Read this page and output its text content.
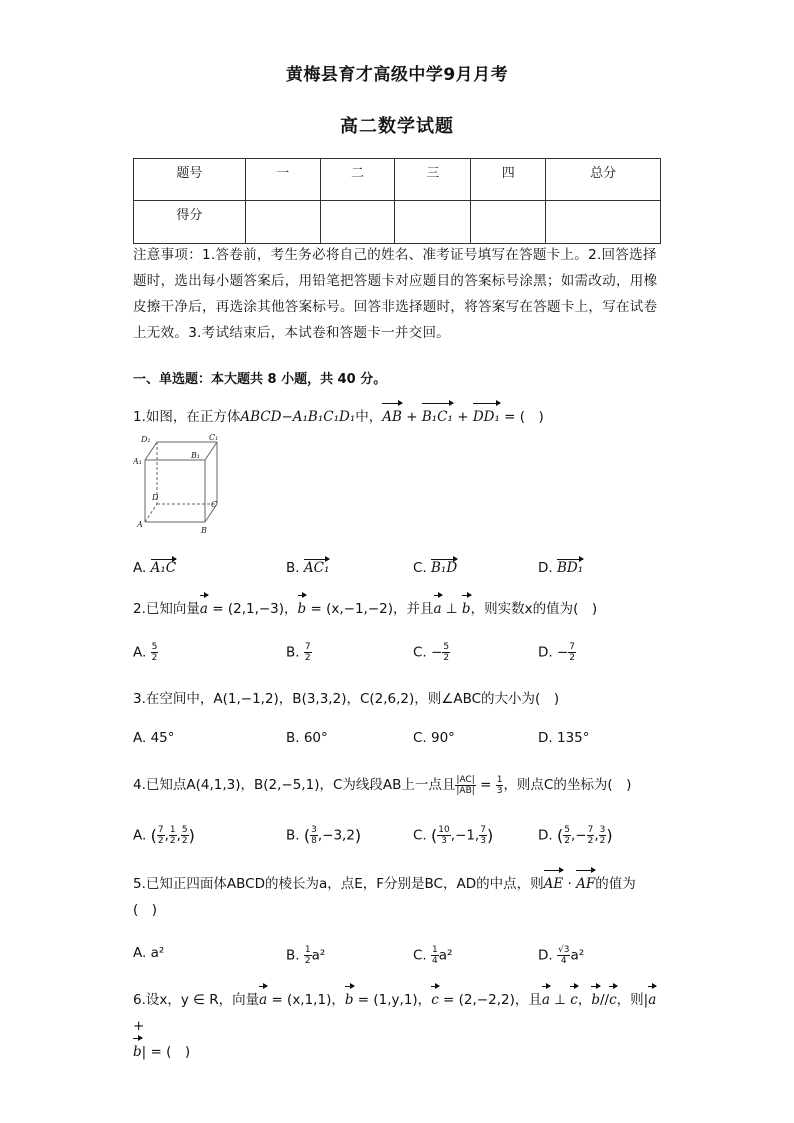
黄梅县育才高级中学9月月考
高二数学试题
题号	一	二	三	四	总分
得分					
注意事项：1.答卷前，考生务必将自己的姓名、准考证号填写在答题卡上。2.回答选择题时，选出每小题答案后，用铅笔把答题卡对应题目的答案标号涂黑；如需改动，用橡皮擦干净后，再选涂其他答案标号。回答非选择题时，将答案写在答题卡上，写在试卷上无效。3.考试结束后，本试卷和答题卡一并交回。
一、单选题：本大题共 8 小题，共 40 分。
1.如图，在正方体ABCD−A₁B₁C₁D₁中，AB + B₁C₁ + DD₁ = (　)
D₁	C₁
A₁
B₁
D
C
A
B
A. A₁C	B. AC₁	C. B₁D	D. BD₁
2.已知向量a = (2,1,−3)，b = (x,−1,−2)，并且a ⊥ b，则实数x的值为(　)
A. $\frac{5}{2}$	B. $\frac{7}{2}$	C. − $\frac{5}{2}$	D. − $\frac{7}{2}$
3.在空间中，A(1,−1,2)，B(3,3,2)，C(2,6,2)，则∠ABC的大小为(　)
A. 45°	B. 60°	C. 90°	D. 135°
4.已知点A(4,1,3)，B(2,−5,1)，C为线段AB上一点且 $\frac{|AC|}{|AB|} = \frac{1}{3}$ ，则点C的坐标为(　)
A. ( $\frac{7}{2}$ , $\frac{1}{2}$ , $\frac{5}{2}$ )	B. ( $\frac{3}{8} ,-3,2$)	C. ( $\frac{10}{3} ,-1$, $\frac{7}{3}$ )	D. ( $\frac{5}{2}$ ,− $\frac{7}{2}$ , $\frac{3}{2}$ )
5.已知正四面体ABCD的棱长为a，点E，F分别是BC，AD的中点，则AE · AF的值为
(　)
A. a²	B. $\frac{1}{2} a^2$	C. $\frac{1}{4} a^2$	D. $\frac{√3}{4} a^2$
6.设x，y ∈ R，向量a = (x,1,1)，b = (1,y,1)，c = (2,−2,2)，且a ⊥ c，b//c，则|a +
b| = (　)
